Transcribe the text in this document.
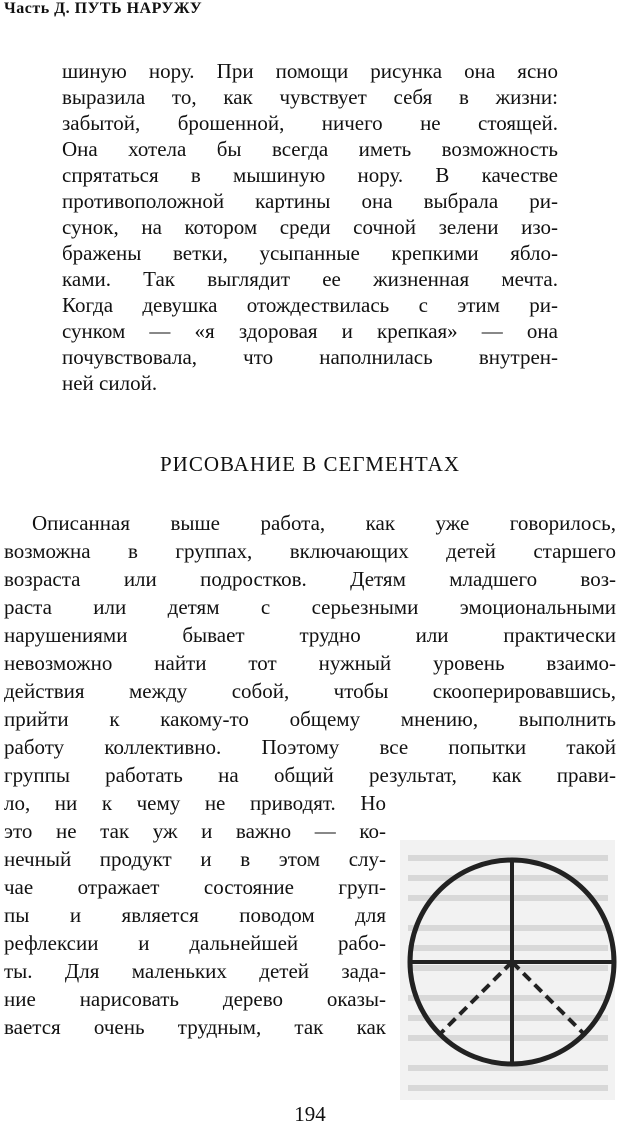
Часть Д. ПУТЬ НАРУЖУ
шиную нору. При помощи рисунка она ясно
выразила то, как чувствует себя в жизни:
забытой, брошенной, ничего не стоящей.
Она хотела бы всегда иметь возможность
спрятаться в мышиную нору. В качестве
противоположной картины она выбрала ри-
сунок, на котором среди сочной зелени изо-
бражены ветки, усыпанные крепкими ябло-
ками. Так выглядит ее жизненная мечта.
Когда девушка отождествилась с этим ри-
сунком — «я здоровая и крепкая» — она
почувствовала, что наполнилась внутрен-
ней силой.
РИСОВАНИЕ В СЕГМЕНТАХ
Описанная выше работа, как уже говорилось,
возможна в группах, включающих детей старшего
возраста или подростков. Детям младшего воз-
раста или детям с серьезными эмоциональными
нарушениями бывает трудно или практически
невозможно найти тот нужный уровень взаимо-
действия между собой, чтобы скооперировавшись,
прийти к какому-то общему мнению, выполнить
работу коллективно. Поэтому все попытки такой
группы работать на общий результат, как прави-
ло, ни к чему не приводят. Но
это не так уж и важно — ко-
нечный продукт и в этом слу-
чае отражает состояние груп-
пы и является поводом для
рефлексии и дальнейшей рабо-
ты. Для маленьких детей зада-
ние нарисовать дерево оказы-
вается очень трудным, так как
194
